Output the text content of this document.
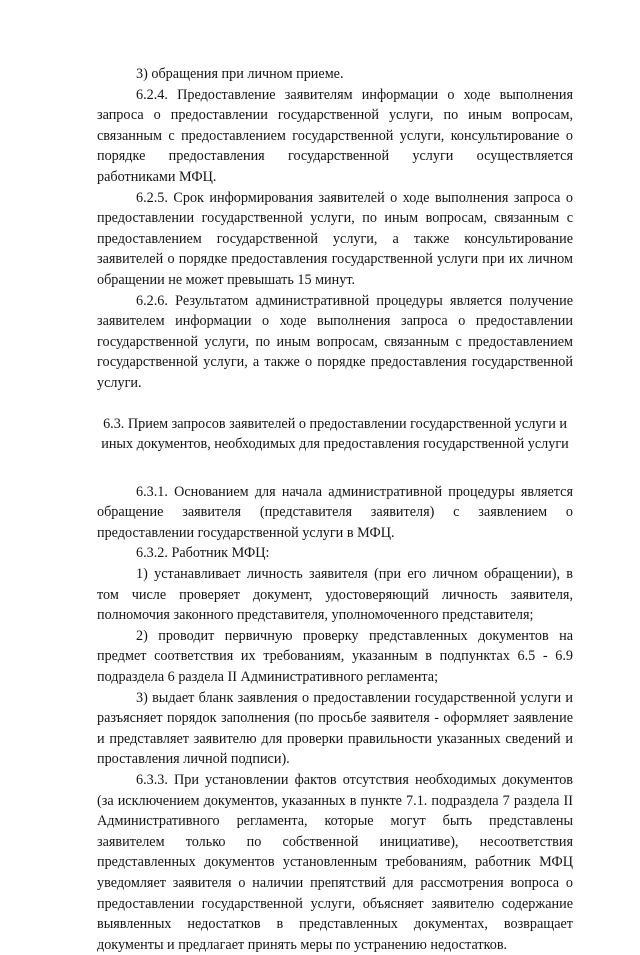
3) обращения при личном приеме.

6.2.4. Предоставление заявителям информации о ходе выполнения запроса о предоставлении государственной услуги, по иным вопросам, связанным с предоставлением государственной услуги, консультирование о порядке предоставления государственной услуги осуществляется работниками МФЦ.

6.2.5. Срок информирования заявителей о ходе выполнения запроса о предоставлении государственной услуги, по иным вопросам, связанным с предоставлением государственной услуги, а также консультирование заявителей о порядке предоставления государственной услуги при их личном обращении не может превышать 15 минут.

6.2.6. Результатом административной процедуры является получение заявителем информации о ходе выполнения запроса о предоставлении государственной услуги, по иным вопросам, связанным с предоставлением государственной услуги, а также о порядке предоставления государственной услуги.

6.3. Прием запросов заявителей о предоставлении государственной услуги и иных документов, необходимых для предоставления государственной услуги

6.3.1. Основанием для начала административной процедуры является обращение заявителя (представителя заявителя) с заявлением о предоставлении государственной услуги в МФЦ.

6.3.2. Работник МФЦ:

1) устанавливает личность заявителя (при его личном обращении), в том числе проверяет документ, удостоверяющий личность заявителя, полномочия законного представителя, уполномоченного представителя;

2) проводит первичную проверку представленных документов на предмет соответствия их требованиям, указанным в подпунктах 6.5 - 6.9 подраздела 6 раздела II Административного регламента;

3) выдает бланк заявления о предоставлении государственной услуги и разъясняет порядок заполнения (по просьбе заявителя - оформляет заявление и представляет заявителю для проверки правильности указанных сведений и проставления личной подписи).

6.3.3. При установлении фактов отсутствия необходимых документов (за исключением документов, указанных в пункте 7.1. подраздела 7 раздела II Административного регламента, которые могут быть представлены заявителем только по собственной инициативе), несоответствия представленных документов установленным требованиям, работник МФЦ уведомляет заявителя о наличии препятствий для рассмотрения вопроса о предоставлении государственной услуги, объясняет заявителю содержание выявленных недостатков в представленных документах, возвращает документы и предлагает принять меры по устранению недостатков.
